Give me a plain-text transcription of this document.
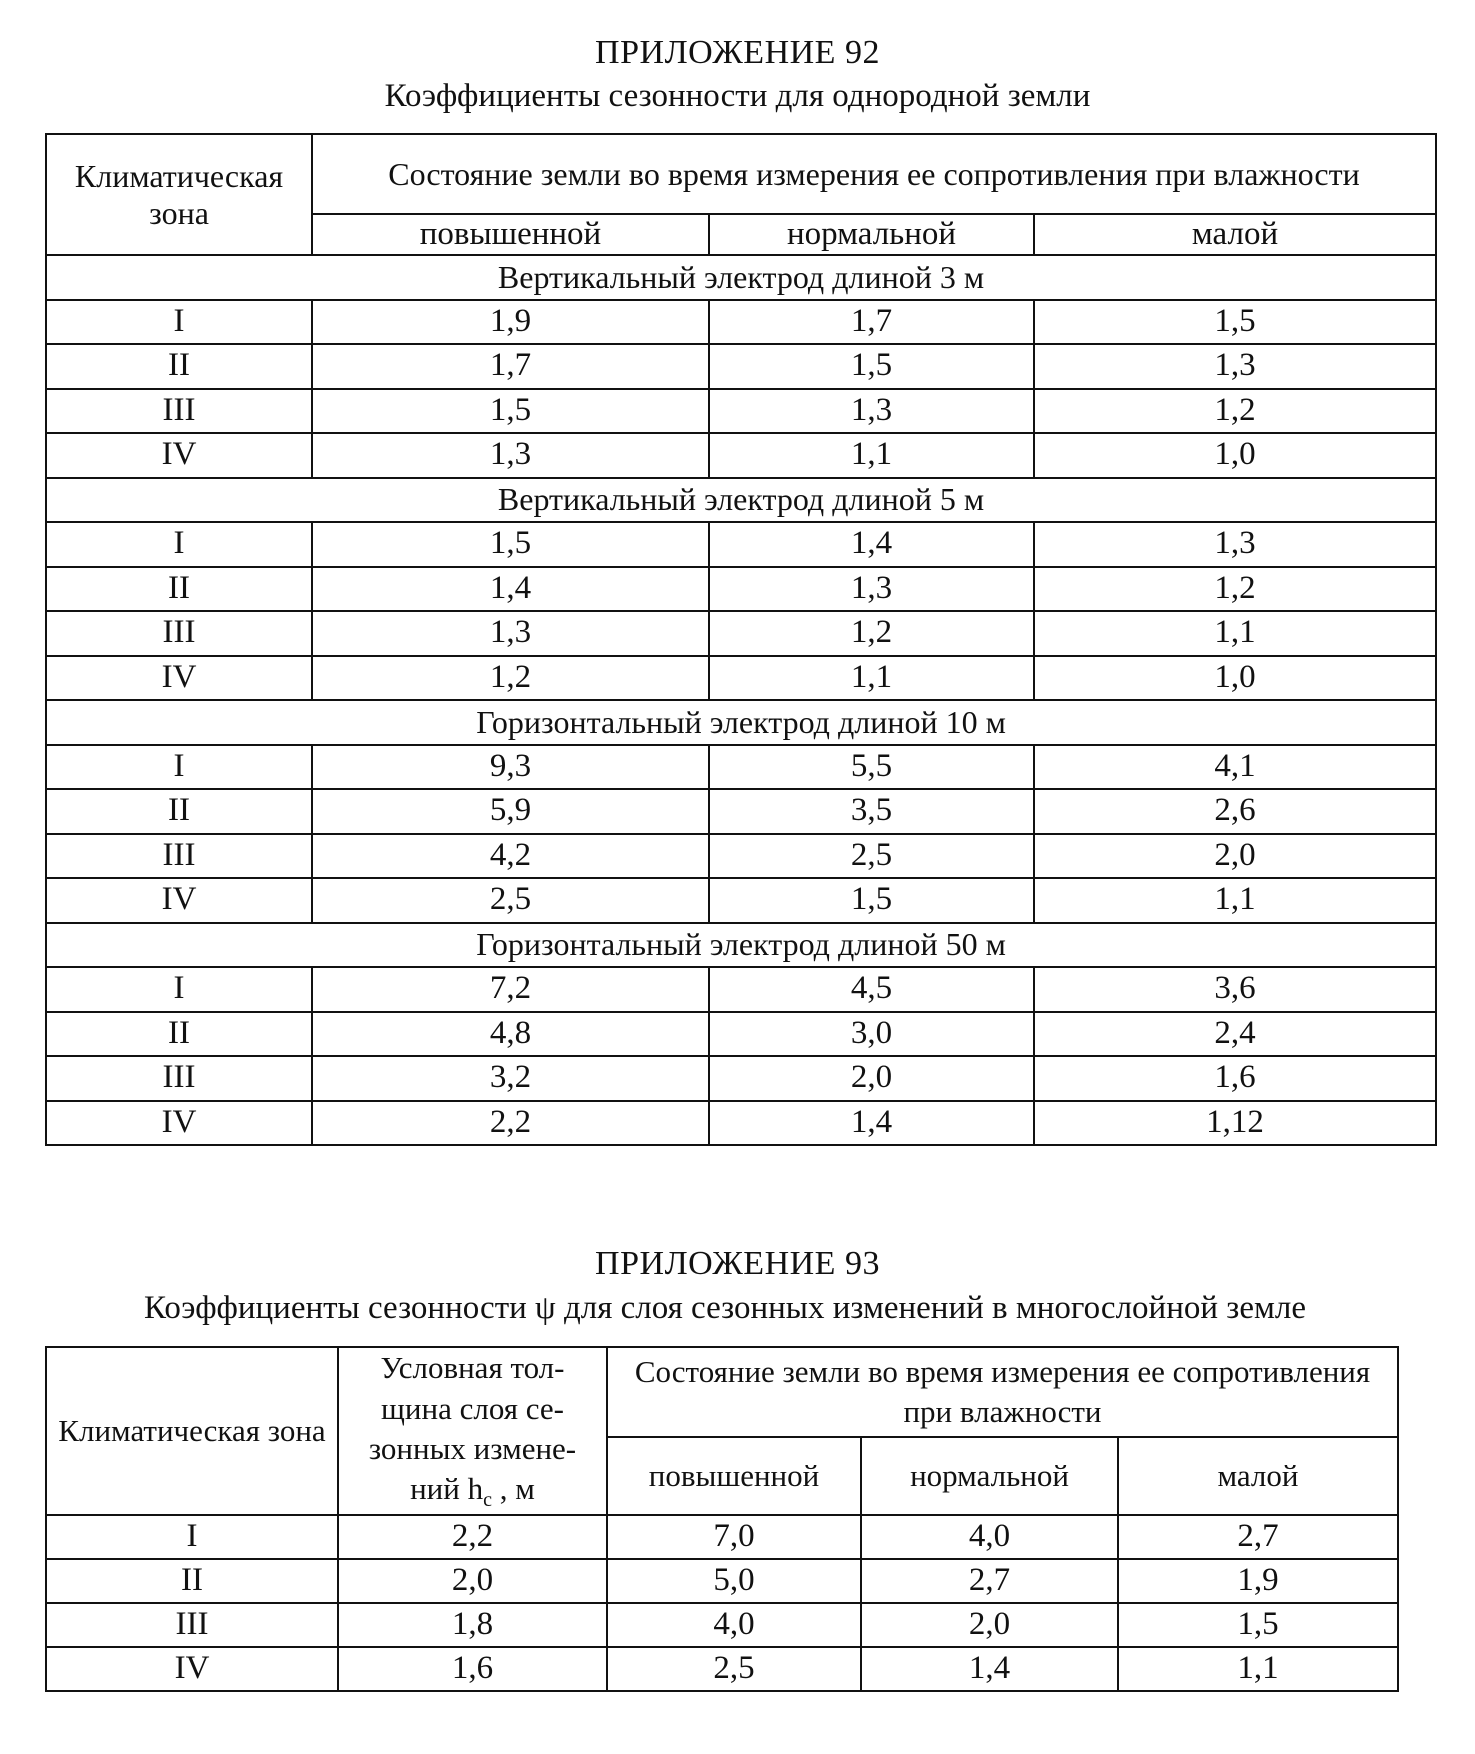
ПРИЛОЖЕНИЕ 92
Коэффициенты сезонности для однородной земли
Климатическая зона	Состояние земли во время измерения ее сопротивления при влажности		
	повышенной	нормальной	малой
Вертикальный электрод длиной 3 м			
I	1,9	1,7	1,5
II	1,7	1,5	1,3
III	1,5	1,3	1,2
IV	1,3	1,1	1,0
Вертикальный электрод длиной 5 м			
I	1,5	1,4	1,3
II	1,4	1,3	1,2
III	1,3	1,2	1,1
IV	1,2	1,1	1,0
Горизонтальный электрод длиной 10 м			
I	9,3	5,5	4,1
II	5,9	3,5	2,6
III	4,2	2,5	2,0
IV	2,5	1,5	1,1
Горизонтальный электрод длиной 50 м			
I	7,2	4,5	3,6
II	4,8	3,0	2,4
III	3,2	2,0	1,6
IV	2,2	1,4	1,12
ПРИЛОЖЕНИЕ 93
Коэффициенты сезонности ψ для слоя сезонных изменений в многослойной земле
Климатическая зона	Условная тол-
щина слоя се-
зонных измене-
ний $h_c$ , м	Состояние земли во время измерения ее сопротивления при влажности		
		повышенной	нормальной	малой
I	2,2	7,0	4,0	2,7
II	2,0	5,0	2,7	1,9
III	1,8	4,0	2,0	1,5
IV	1,6	2,5	1,4	1,1
